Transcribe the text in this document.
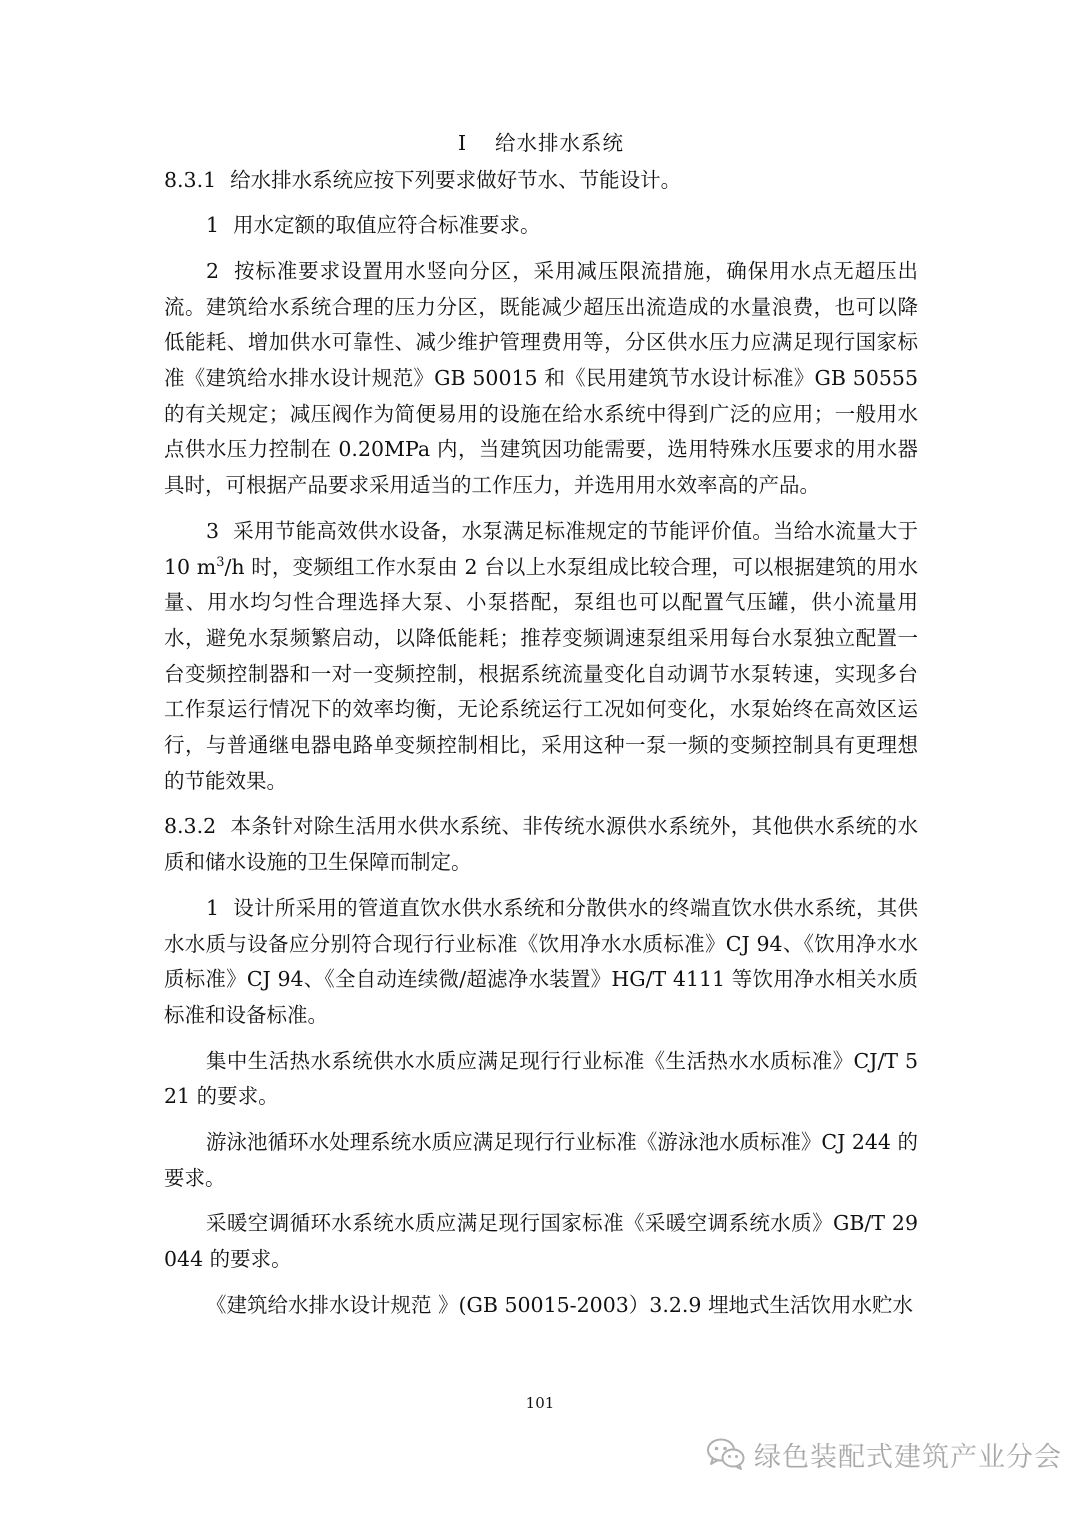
I 给水排水系统

8.3.1 给水排水系统应按下列要求做好节水、节能设计。

1 用水定额的取值应符合标准要求。

2 按标准要求设置用水竖向分区，采用减压限流措施，确保用水点无超压出流。建筑给水系统合理的压力分区，既能减少超压出流造成的水量浪费，也可以降低能耗、增加供水可靠性、减少维护管理费用等，分区供水压力应满足现行国家标准《建筑给水排水设计规范》GB 50015 和《民用建筑节水设计标准》GB 50555 的有关规定；减压阀作为简便易用的设施在给水系统中得到广泛的应用；一般用水点供水压力控制在 0.20MPa 内，当建筑因功能需要，选用特殊水压要求的用水器具时，可根据产品要求采用适当的工作压力，并选用用水效率高的产品。

3 采用节能高效供水设备，水泵满足标准规定的节能评价值。当给水流量大于 10 $m^3/h$ 时，变频组工作水泵由 2 台以上水泵组成比较合理，可以根据建筑的用水量、用水均匀性合理选择大泵、小泵搭配，泵组也可以配置气压罐，供小流量用水，避免水泵频繁启动，以降低能耗；推荐变频调速泵组采用每台水泵独立配置一台变频控制器和一对一变频控制，根据系统流量变化自动调节水泵转速，实现多台工作泵运行情况下的效率均衡，无论系统运行工况如何变化，水泵始终在高效区运行，与普通继电器电路单变频控制相比，采用这种一泵一频的变频控制具有更理想的节能效果。

8.3.2 本条针对除生活用水供水系统、非传统水源供水系统外，其他供水系统的水质和储水设施的卫生保障而制定。

1 设计所采用的管道直饮水供水系统和分散供水的终端直饮水供水系统，其供水水质与设备应分别符合现行行业标准《饮用净水水质标准》CJ 94、《饮用净水水质标准》CJ 94、《全自动连续微/超滤净水装置》HG/T 4111 等饮用净水相关水质标准和设备标准。

集中生活热水系统供水水质应满足现行行业标准《生活热水水质标准》CJ/T 521 的要求。

游泳池循环水处理系统水质应满足现行行业标准《游泳池水质标准》CJ 244 的要求。

采暖空调循环水系统水质应满足现行国家标准《采暖空调系统水质》GB/T 29044 的要求。

《建筑给水排水设计规范 》(GB 50015-2003）3.2.9 埋地式生活饮用水贮水

101
绿色装配式建筑产业分会
